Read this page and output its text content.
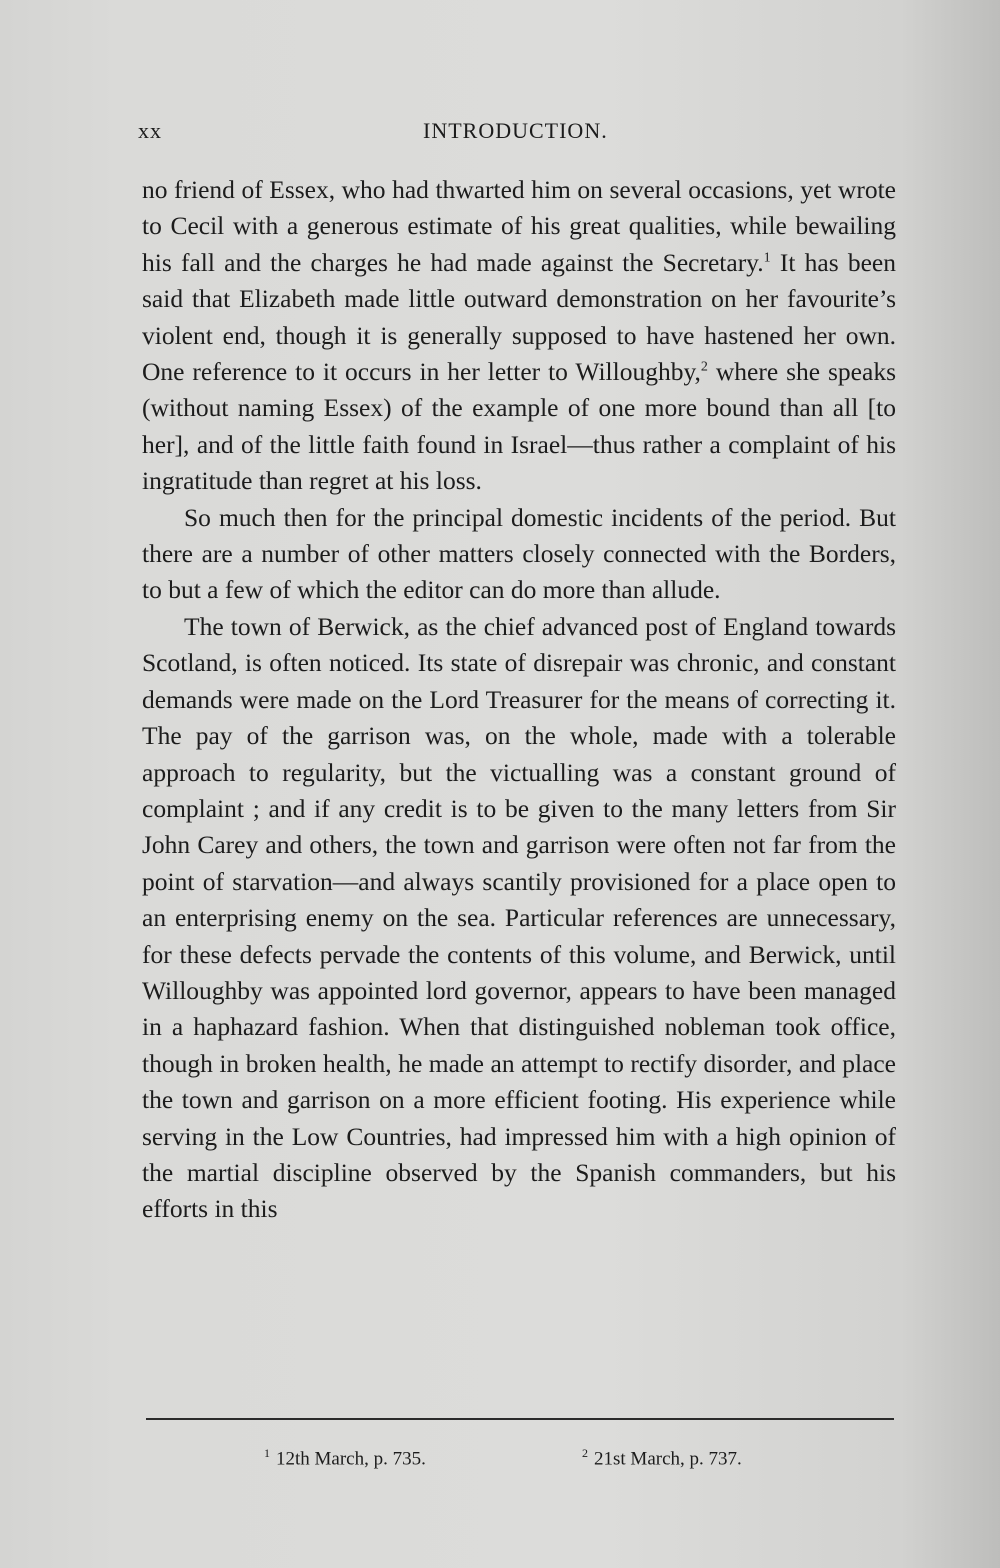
xx	INTRODUCTION.

no friend of Essex, who had thwarted him on several occasions, yet wrote to Cecil with a generous estimate of his great qualities, while bewailing his fall and the charges he had made against the Secretary.$^1$ It has been said that Elizabeth made little outward demonstration on her favourite’s violent end, though it is generally supposed to have hastened her own. One reference to it occurs in her letter to Willoughby,$^2$ where she speaks (without naming Essex) of the example of one more bound than all [to her], and of the little faith found in Israel—thus rather a complaint of his ingratitude than regret at his loss.

So much then for the principal domestic incidents of the period. But there are a number of other matters closely connected with the Borders, to but a few of which the editor can do more than allude.

The town of Berwick, as the chief advanced post of England towards Scotland, is often noticed. Its state of disrepair was chronic, and constant demands were made on the Lord Treasurer for the means of correcting it. The pay of the garrison was, on the whole, made with a tolerable approach to regularity, but the victualling was a constant ground of complaint ; and if any credit is to be given to the many letters from Sir John Carey and others, the town and garrison were often not far from the point of starvation—and always scantily provisioned for a place open to an enterprising enemy on the sea. Particular references are unnecessary, for these defects pervade the contents of this volume, and Berwick, until Willoughby was appointed lord governor, appears to have been managed in a haphazard fashion. When that distinguished nobleman took office, though in broken health, he made an attempt to rectify disorder, and place the town and garrison on a more efficient footing. His experience while serving in the Low Countries, had impressed him with a high opinion of the martial discipline observed by the Spanish commanders, but his efforts in this

$^1$ 12th March, p. 735.	$^2$ 21st March, p. 737.
